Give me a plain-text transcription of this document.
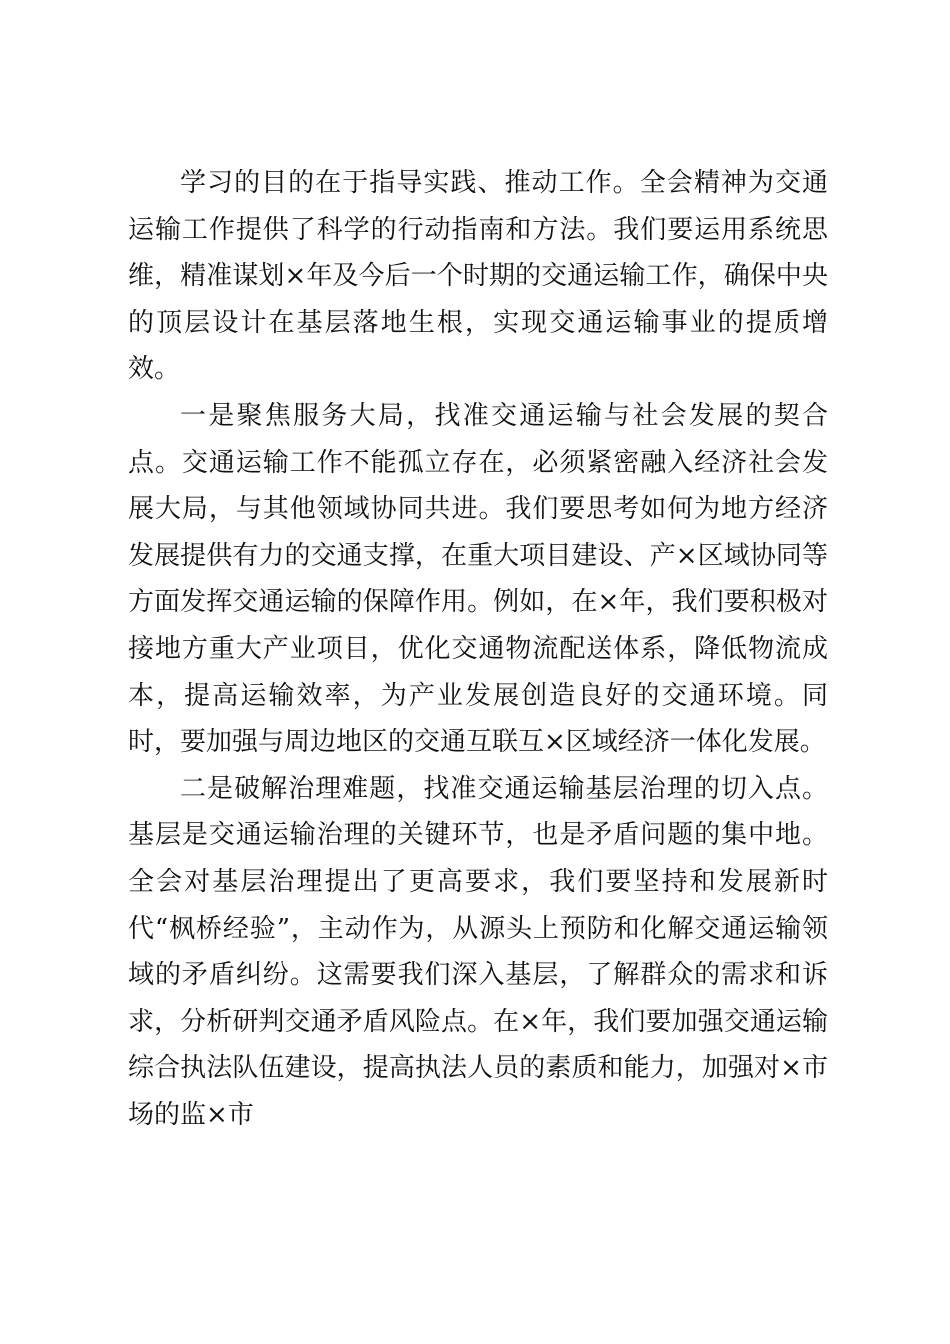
学习的目的在于指导实践、推动工作。全会精神为交通运输工作提供了科学的行动指南和方法。我们要运用系统思维，精准谋划×年及今后一个时期的交通运输工作，确保中央的顶层设计在基层落地生根，实现交通运输事业的提质增效。

一是聚焦服务大局，找准交通运输与社会发展的契合点。交通运输工作不能孤立存在，必须紧密融入经济社会发展大局，与其他领域协同共进。我们要思考如何为地方经济发展提供有力的交通支撑，在重大项目建设、产×区域协同等方面发挥交通运输的保障作用。例如，在×年，我们要积极对接地方重大产业项目，优化交通物流配送体系，降低物流成本，提高运输效率，为产业发展创造良好的交通环境。同时，要加强与周边地区的交通互联互×区域经济一体化发展。

二是破解治理难题，找准交通运输基层治理的切入点。基层是交通运输治理的关键环节，也是矛盾问题的集中地。全会对基层治理提出了更高要求，我们要坚持和发展新时代“枫桥经验”，主动作为，从源头上预防和化解交通运输领域的矛盾纠纷。这需要我们深入基层，了解群众的需求和诉求，分析研判交通矛盾风险点。在×年，我们要加强交通运输综合执法队伍建设，提高执法人员的素质和能力，加强对×市场的监×市
